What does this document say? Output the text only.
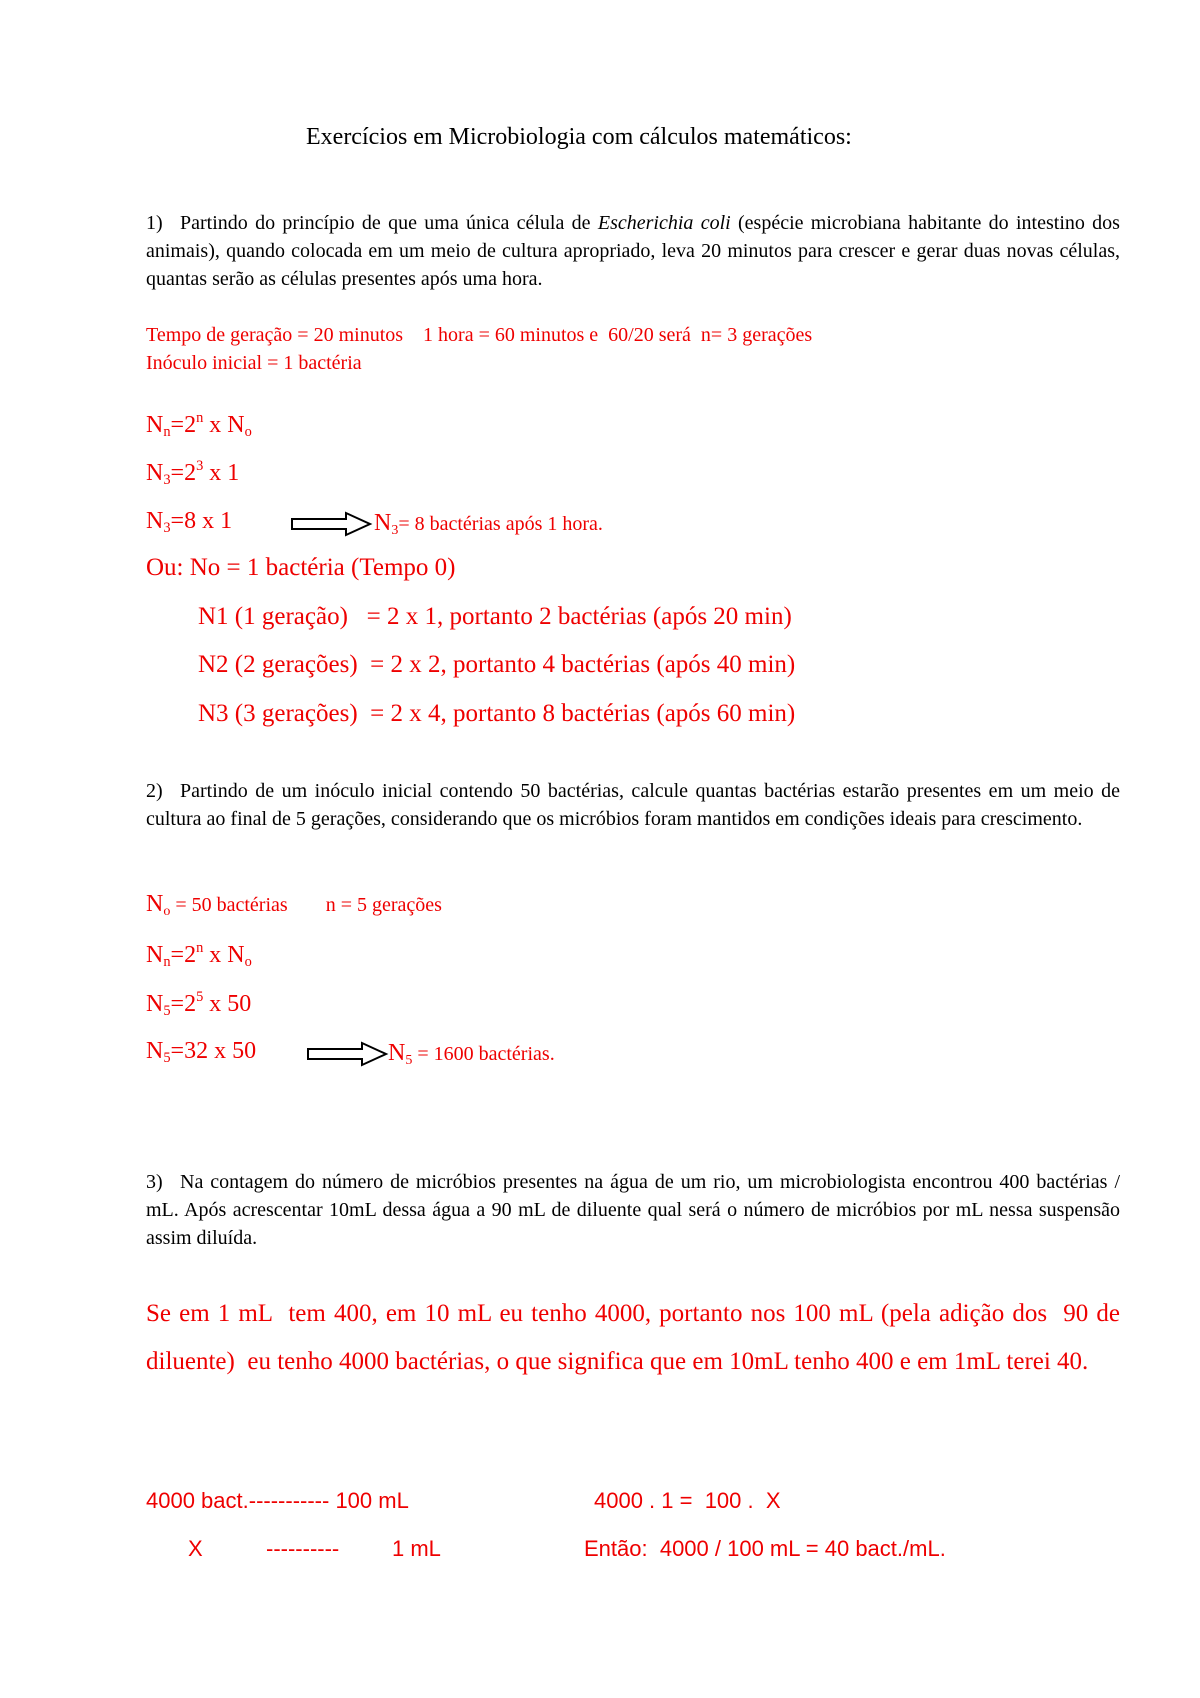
Exercícios em Microbiologia com cálculos matemáticos:

1) Partindo do princípio de que uma única célula de Escherichia coli (espécie microbiana habitante do intestino dos animais), quando colocada em um meio de cultura apropriado, leva 20 minutos para crescer e gerar duas novas células, quantas serão as células presentes após uma hora.

Tempo de geração = 20 minutos    1 hora = 60 minutos e  60/20 será  n= 3 gerações
Inóculo inicial = 1 bactéria
$N_n=2^n$ x $N_o$
$N_3=2^3$ x 1
$N_3=8$ x 1	$N_3= 8$ bactérias após 1 hora.
Ou: No = 1 bactéria (Tempo 0)
N1 (1 geração)   = 2 x 1, portanto 2 bactérias (após 20 min)
N2 (2 gerações)  = 2 x 2, portanto 4 bactérias (após 40 min)
N3 (3 gerações)  = 2 x 4, portanto 8 bactérias (após 60 min)

2) Partindo de um inóculo inicial contendo 50 bactérias, calcule quantas bactérias estarão presentes em um meio de cultura ao final de 5 gerações, considerando que os micróbios foram mantidos em condições ideais para crescimento.

$N_o = 50$ bactérias n = 5 gerações
$N_n=2^n$ x $N_o$
$N_5=2^5$ x 50
$N_5=32$ x 50	$N_5 = 1600$ bactérias.

3) Na contagem do número de micróbios presentes na água de um rio, um microbiologista encontrou 400 bactérias / mL. Após acrescentar 10mL dessa água a 90 mL de diluente qual será o número de micróbios por mL nessa suspensão assim diluída.

Se em 1 mL  tem 400, em 10 mL eu tenho 4000, portanto nos 100 mL (pela adição dos  90 de diluente)  eu tenho 4000 bactérias, o que significa que em 10mL tenho 400 e em 1mL terei 40.
4000 bact.----------- 100 mL	4000 . 1 =  100 .  X
X	---------- 1 mL	Então:  4000 / 100 mL = 40 bact./mL.
